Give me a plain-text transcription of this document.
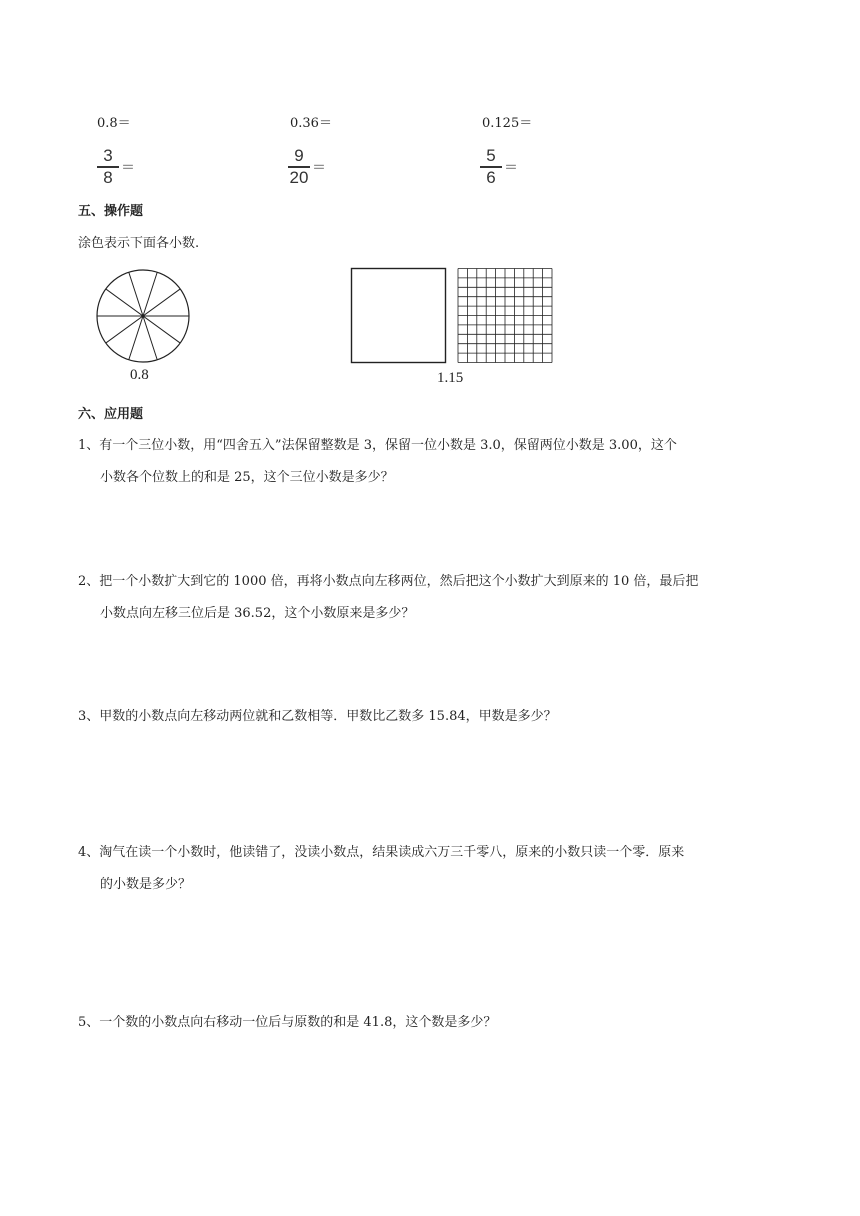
0.8＝	0.36＝	0.125＝
$\frac{3}{8}$ ＝	$\frac{9}{20}$ ＝	$\frac{5}{6}$ ＝
五、操作题
涂色表示下面各小数.
0.8	1.15
六、应用题
1、有一个三位小数，用“四舍五入”法保留整数是 3，保留一位小数是 3.0，保留两位小数是 3.00，这个
小数各个位数上的和是 25，这个三位小数是多少？
2、把一个小数扩大到它的 1000 倍，再将小数点向左移两位，然后把这个小数扩大到原来的 10 倍，最后把
小数点向左移三位后是 36.52，这个小数原来是多少？
3、甲数的小数点向左移动两位就和乙数相等．甲数比乙数多 15.84，甲数是多少？
4、淘气在读一个小数时，他读错了，没读小数点，结果读成六万三千零八，原来的小数只读一个零．原来
的小数是多少？
5、一个数的小数点向右移动一位后与原数的和是 41.8，这个数是多少？
